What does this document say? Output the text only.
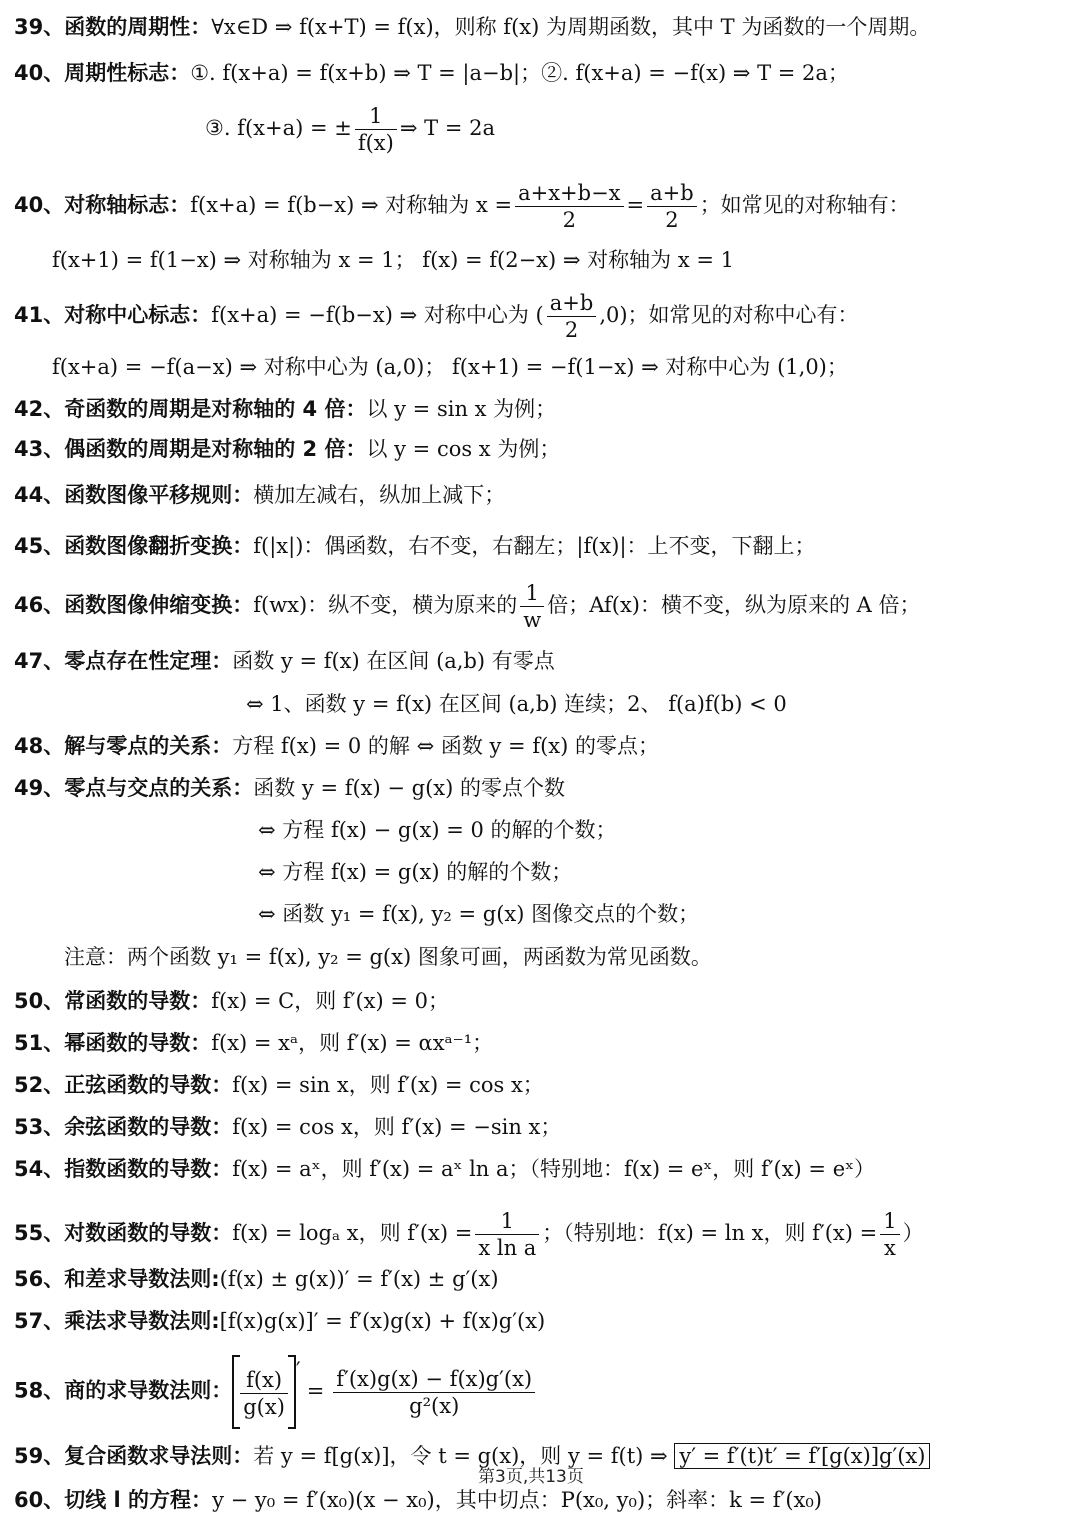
39、函数的周期性：∀x∈D ⇒ f(x+T) = f(x)，则称 f(x) 为周期函数，其中 T 为函数的一个周期。
40、周期性标志：①. f(x+a) = f(x+b) ⇒ T = |a−b|；②. f(x+a) = −f(x) ⇒ T = 2a；
③. f(x+a) = ± $\frac{1}{f(x)}$ ⇒ T = 2a
40、对称轴标志：f(x+a) = f(b−x) ⇒ 对称轴为 $x = \frac{a+x+b-x}{2} = \frac{a+b}{2}$ ；如常见的对称轴有：
f(x+1) = f(1−x) ⇒ 对称轴为 x = 1； f(x) = f(2−x) ⇒ 对称轴为 x = 1
41、对称中心标志：f(x+a) = −f(b−x) ⇒ 对称中心为 ( $\frac{a+b}{2} ,0$)；如常见的对称中心有：
f(x+a) = −f(a−x) ⇒ 对称中心为 (a,0)； f(x+1) = −f(1−x) ⇒ 对称中心为 (1,0)；
42、奇函数的周期是对称轴的 4 倍：以 y = sin x 为例；
43、偶函数的周期是对称轴的 2 倍：以 y = cos x 为例；
44、函数图像平移规则：横加左减右，纵加上减下；
45、函数图像翻折变换：f(|x|)：偶函数，右不变，右翻左；|f(x)|：上不变，下翻上；
46、函数图像伸缩变换：f(wx)：纵不变，横为原来的 $\frac{1}{w}$ 倍；Af(x)：横不变，纵为原来的 A 倍；
47、零点存在性定理：函数 y = f(x) 在区间 (a,b) 有零点
⇔ 1、函数 y = f(x) 在区间 (a,b) 连续；2、 f(a)f(b) < 0
48、解与零点的关系：方程 f(x) = 0 的解 ⇔ 函数 y = f(x) 的零点；
49、零点与交点的关系：函数 y = f(x) − g(x) 的零点个数
⇔ 方程 f(x) − g(x) = 0 的解的个数；
⇔ 方程 f(x) = g(x) 的解的个数；
⇔ 函数 y₁ = f(x), y₂ = g(x) 图像交点的个数；
注意：两个函数 y₁ = f(x), y₂ = g(x) 图象可画，两函数为常见函数。
50、常函数的导数：f(x) = C，则 f′(x) = 0；
51、幂函数的导数：f(x) = xᵃ，则 f′(x) = αxᵃ⁻¹；
52、正弦函数的导数：f(x) = sin x，则 f′(x) = cos x；
53、余弦函数的导数：f(x) = cos x，则 f′(x) = −sin x；
54、指数函数的导数：f(x) = aˣ，则 f′(x) = aˣ ln a；（特别地：f(x) = eˣ，则 f′(x) = eˣ）
55、对数函数的导数：f(x) = logₐ x，则 $f'(x) = \frac{1}{\text{x ln a}}$ ；（特别地：f(x) = ln x，则 $f'(x) = \frac{1}{x}$ ）
56、和差求导数法则:(f(x) ± g(x))′ = f′(x) ± g′(x)
57、乘法求导数法则:[f(x)g(x)]′ = f′(x)g(x) + f(x)g′(x)
58、商的求导数法则： $\frac{f(x)}{g(x)}$ ′= $\frac{f'(x)g(x) - f(x)g'(x)}{\text{g²(x)}}$
59、复合函数求导法则：若 y = f[g(x)]，令 t = g(x)，则 y = f(t) ⇒ y′ = f′(t)t′ = f′[g(x)]g′(x)
第3页,共13页
60、切线 l 的方程：y − y₀ = f′(x₀)(x − x₀)，其中切点：P(x₀, y₀)；斜率：k = f′(x₀)
